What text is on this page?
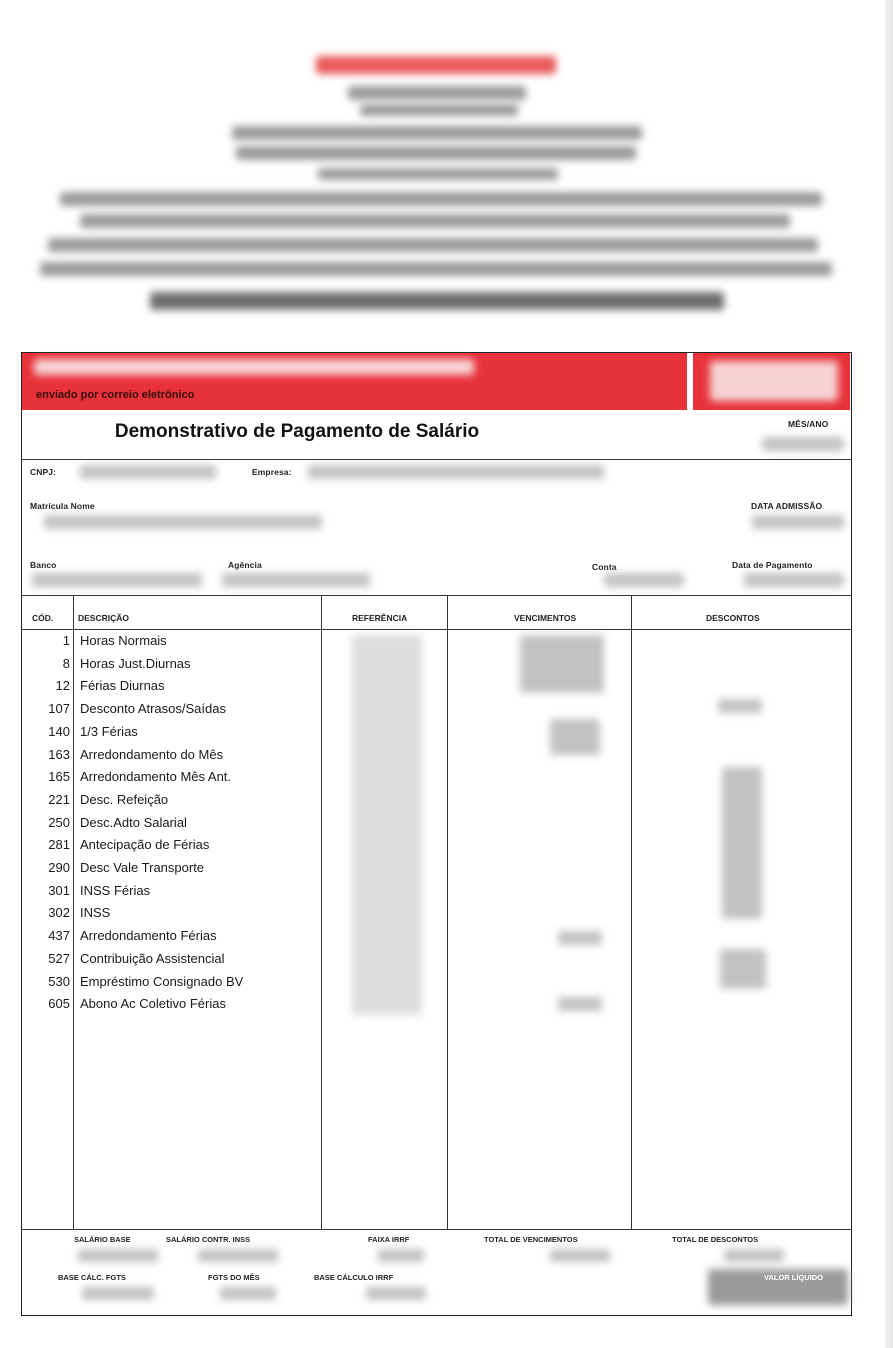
enviado por correio eletrônico
Demonstrativo de Pagamento de Salário	MÊS/ANO
CNPJ:	Empresa:
Matrícula Nome	DATA ADMISSÃO
Banco	Agência	Conta	Data de Pagamento
CÓD.	DESCRIÇÃO	REFERÊNCIA	VENCIMENTOS	DESCONTOS
1 Horas Normais
8 Horas Just.Diurnas
12 Férias Diurnas
107 Desconto Atrasos/Saídas
140 1/3 Férias
163 Arredondamento do Mês
165 Arredondamento Mês Ant.
221 Desc. Refeição
250 Desc.Adto Salarial
281 Antecipação de Férias
290 Desc Vale Transporte
301 INSS Férias
302 INSS
437 Arredondamento Férias
527 Contribuição Assistencial
530 Empréstimo Consignado BV
605 Abono Ac Coletivo Férias
SALÁRIO BASE	SALÁRIO CONTR. INSS	FAIXA IRRF	TOTAL DE VENCIMENTOS	TOTAL DE DESCONTOS
BASE CÁLC. FGTS	FGTS DO MÊS	BASE CÁLCULO IRRF	VALOR LÍQUIDO
